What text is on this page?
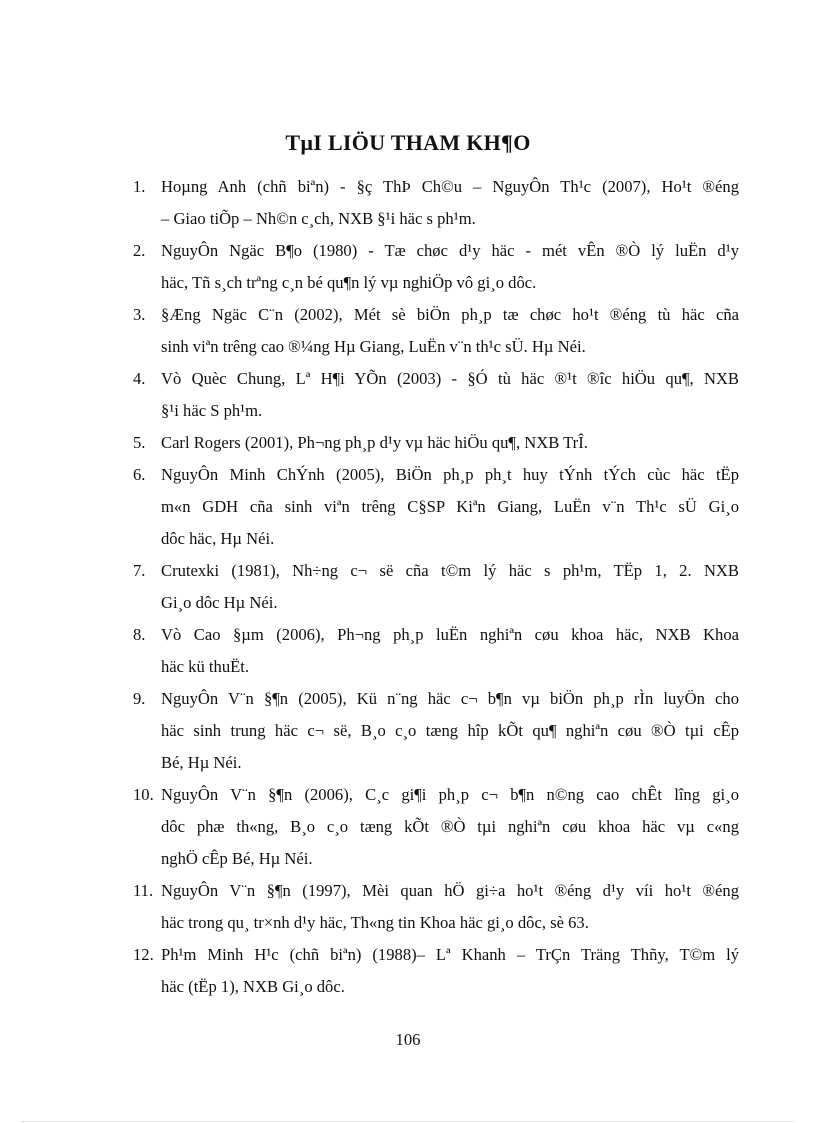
TµI LIÖU THAM KH¶O
1. Hoµng Anh (chñ biªn) - §ç ThÞ Ch©u – NguyÔn Th¹c (2007), Ho¹t ®éng
– Giao tiÕp – Nh©n c¸ch, NXB §¹i häc s ph¹m.
2. NguyÔn Ngäc B¶o (1980) - Tæ chøc d¹y häc - mét vÊn ®Ò lý luËn d¹y
häc, Tñ s¸ch trªng c¸n bé qu¶n lý vµ nghiÖp vô gi¸o dôc.
3. §Æng Ngäc C¨n (2002), Mét sè biÖn ph¸p tæ chøc ho¹t ®éng tù häc cña
sinh viªn trêng cao ®¼ng Hµ Giang, LuËn v¨n th¹c sÜ. Hµ Néi.
4. Vò Quèc Chung, Lª H¶i YÕn (2003) - §Ó tù häc ®¹t ®îc hiÖu qu¶, NXB
§¹i häc S ph¹m.
5. Carl Rogers (2001), Ph¬ng ph¸p d¹y vµ häc hiÖu qu¶, NXB TrÎ.
6. NguyÔn Minh ChÝnh (2005), BiÖn ph¸p ph¸t huy tÝnh tÝch cùc häc tËp
m«n GDH cña sinh viªn trêng C§SP Kiªn Giang, LuËn v¨n Th¹c sÜ Gi¸o
dôc häc, Hµ Néi.
7. Crutexki (1981), Nh÷ng c¬ së cña t©m lý häc s ph¹m, TËp 1, 2. NXB
Gi¸o dôc Hµ Néi.
8. Vò Cao §µm (2006), Ph¬ng ph¸p luËn nghiªn cøu khoa häc, NXB Khoa
häc kü thuËt.
9. NguyÔn V¨n §¶n (2005), Kü n¨ng häc c¬ b¶n vµ biÖn ph¸p rÌn luyÖn cho
häc sinh trung häc c¬ së, B¸o c¸o tæng hîp kÕt qu¶ nghiªn cøu ®Ò tµi cÊp
Bé, Hµ Néi.
10. NguyÔn V¨n §¶n (2006), C¸c gi¶i ph¸p c¬ b¶n n©ng cao chÊt lîng gi¸o
dôc phæ th«ng, B¸o c¸o tæng kÕt ®Ò tµi nghiªn cøu khoa häc vµ c«ng
nghÖ cÊp Bé, Hµ Néi.
11. NguyÔn V¨n §¶n (1997), Mèi quan hÖ gi÷a ho¹t ®éng d¹y víi ho¹t ®éng
häc trong qu¸ tr×nh d¹y häc, Th«ng tin Khoa häc gi¸o dôc, sè 63.
12. Ph¹m Minh H¹c (chñ biªn) (1988)– Lª Khanh – TrÇn Träng Thñy, T©m lý
häc (tËp 1), NXB Gi¸o dôc.
106
